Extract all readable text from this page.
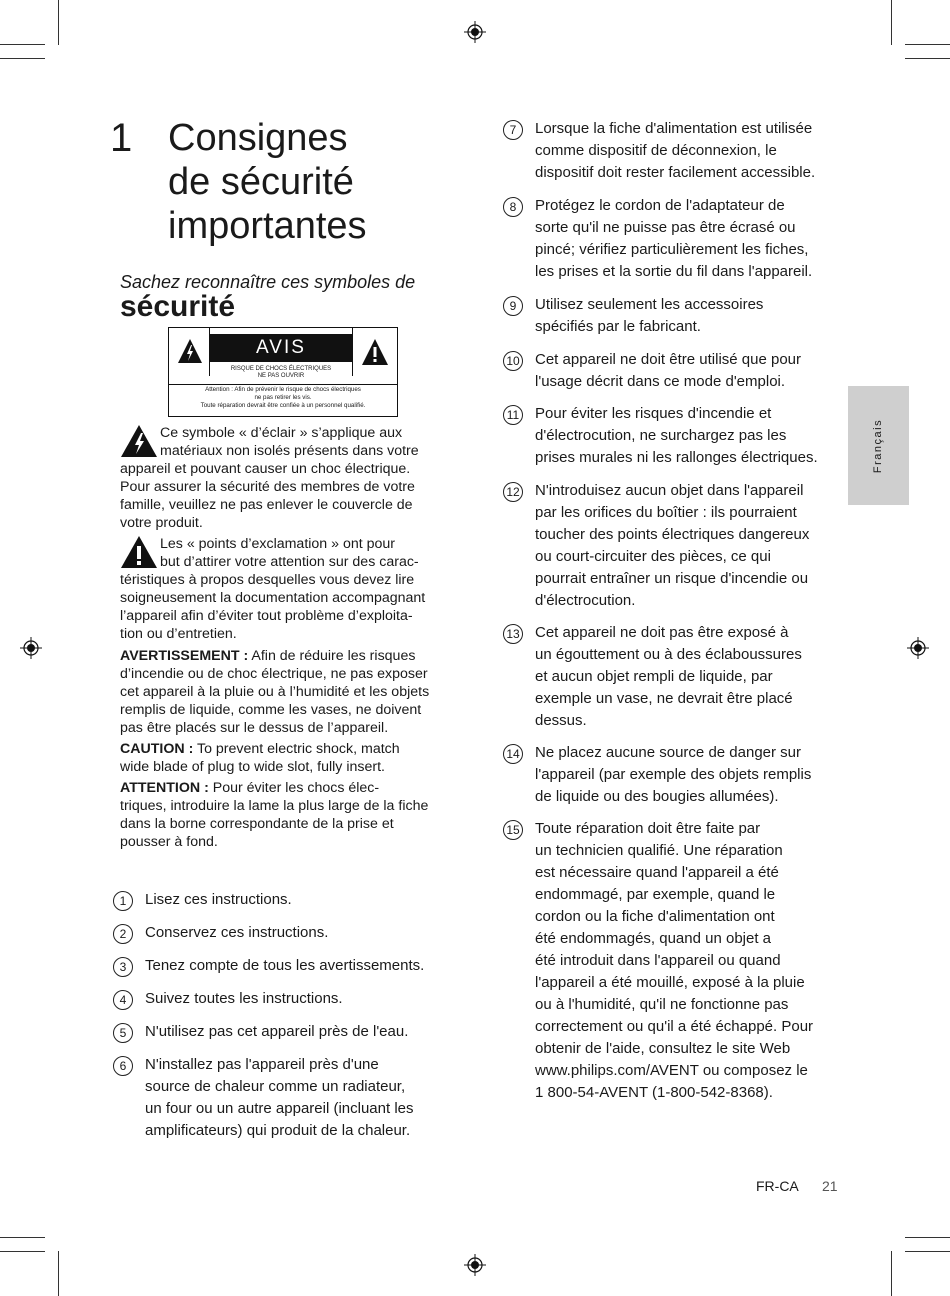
1 Consignes
de sécurité
importantes
Sachez reconnaître ces symboles de
sécurité
AVIS
RISQUE DE CHOCS ÉLECTRIQUES
NE PAS OUVRIR
Attention : Afin de prévenir le risque de chocs électriques
ne pas retirer les vis.
Toute réparation devrait être confiée à un personnel qualifié.
Ce symbole « d’éclair » s’applique aux
matériaux non isolés présents dans votre
appareil et pouvant causer un choc électrique.
Pour assurer la sécurité des membres de votre
famille, veuillez ne pas enlever le couvercle de
votre produit.
Les « points d’exclamation » ont pour
but d’attirer votre attention sur des carac-
téristiques à propos desquelles vous devez lire
soigneusement la documentation accompagnant
l’appareil afin d’éviter tout problème d’exploita-
tion ou d’entretien.
AVERTISSEMENT : Afin de réduire les risques
d’incendie ou de choc électrique, ne pas exposer
cet appareil à la pluie ou à l’humidité et les objets
remplis de liquide, comme les vases, ne doivent
pas être placés sur le dessus de l’appareil.
CAUTION : To prevent electric shock, match
wide blade of plug to wide slot, fully insert.
ATTENTION : Pour éviter les chocs élec-
triques, introduire la lame la plus large de la fiche
dans la borne correspondante de la prise et
pousser à fond.
1	Lisez ces instructions.
2	Conservez ces instructions.
3	Tenez compte de tous les avertissements.
4	Suivez toutes les instructions.
5	N'utilisez pas cet appareil près de l'eau.
6	N'installez pas l'appareil près d'une
source de chaleur comme un radiateur,
un four ou un autre appareil (incluant les
amplificateurs) qui produit de la chaleur.
7	Lorsque la fiche d'alimentation est utilisée
comme dispositif de déconnexion, le
dispositif doit rester facilement accessible.
8	Protégez le cordon de l'adaptateur de
sorte qu'il ne puisse pas être écrasé ou
pincé; vérifiez particulièrement les fiches,
les prises et la sortie du fil dans l'appareil.
9	Utilisez seulement les accessoires
spécifiés par le fabricant.
10 Cet appareil ne doit être utilisé que pour
l'usage décrit dans ce mode d'emploi.
11 Pour éviter les risques d'incendie et
d'électrocution, ne surchargez pas les
prises murales ni les rallonges électriques.
12 N'introduisez aucun objet dans l'appareil
par les orifices du boîtier : ils pourraient
toucher des points électriques dangereux
ou court-circuiter des pièces, ce qui
pourrait entraîner un risque d'incendie ou
d'électrocution.
13 Cet appareil ne doit pas être exposé à
un égouttement ou à des éclaboussures
et aucun objet rempli de liquide, par
exemple un vase, ne devrait être placé
dessus.
14 Ne placez aucune source de danger sur
l'appareil (par exemple des objets remplis
de liquide ou des bougies allumées).
15 Toute réparation doit être faite par
un technicien qualifié. Une réparation
est nécessaire quand l'appareil a été
endommagé, par exemple, quand le
cordon ou la fiche d'alimentation ont
été endommagés, quand un objet a
été introduit dans l'appareil ou quand
l'appareil a été mouillé, exposé à la pluie
ou à l'humidité, qu'il ne fonctionne pas
correctement ou qu'il a été échappé. Pour
obtenir de l'aide, consultez le site Web
www.philips.com/AVENT ou composez le
1 800-54-AVENT (1-800-542-8368).
Français
FR-CA 21
